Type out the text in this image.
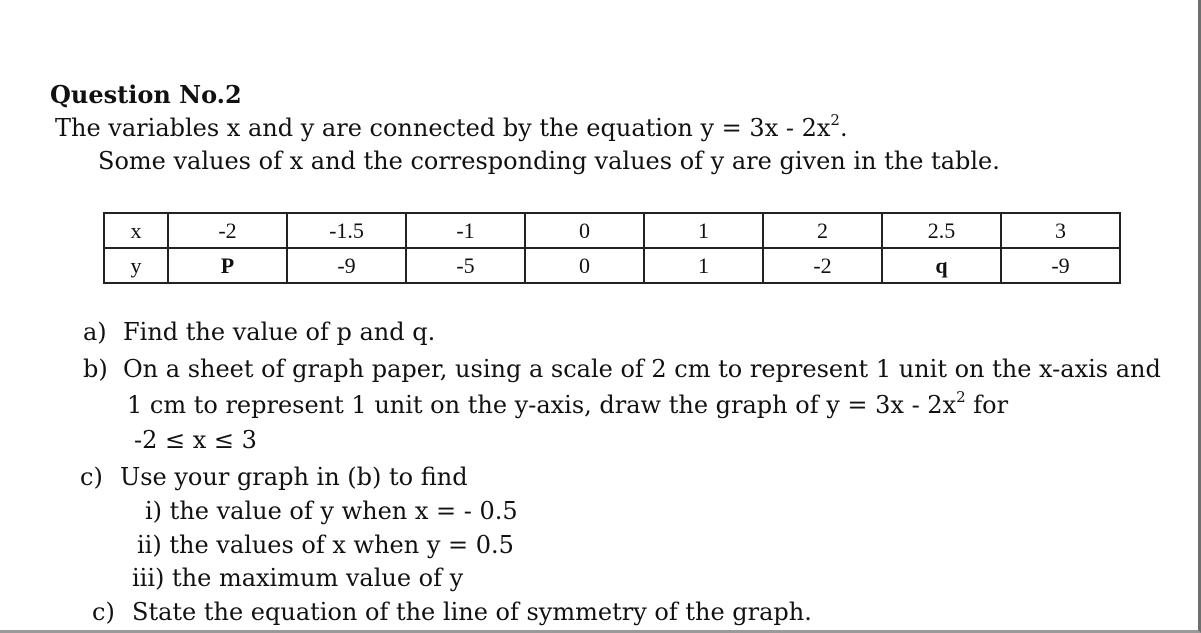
Question No.2
The variables x and y are connected by the equation $y = 3x - 2x^2$.
Some values of x and the corresponding values of y are given in the table.
x	-2	-1.5	-1	0	1	2	2.5	3
y	P	-9	-5	0	1	-2	q	-9
a) Find the value of p and q.
b) On a sheet of graph paper, using a scale of 2 cm to represent 1 unit on the x-axis and
1 cm to represent 1 unit on the y-axis, draw the graph of $y = 3x - 2x^2$ for
-2 ≤ x ≤ 3
c) Use your graph in (b) to find
i) the value of y when x = - 0.5
ii) the values of x when y = 0.5
iii) the maximum value of y
c) State the equation of the line of symmetry of the graph.
